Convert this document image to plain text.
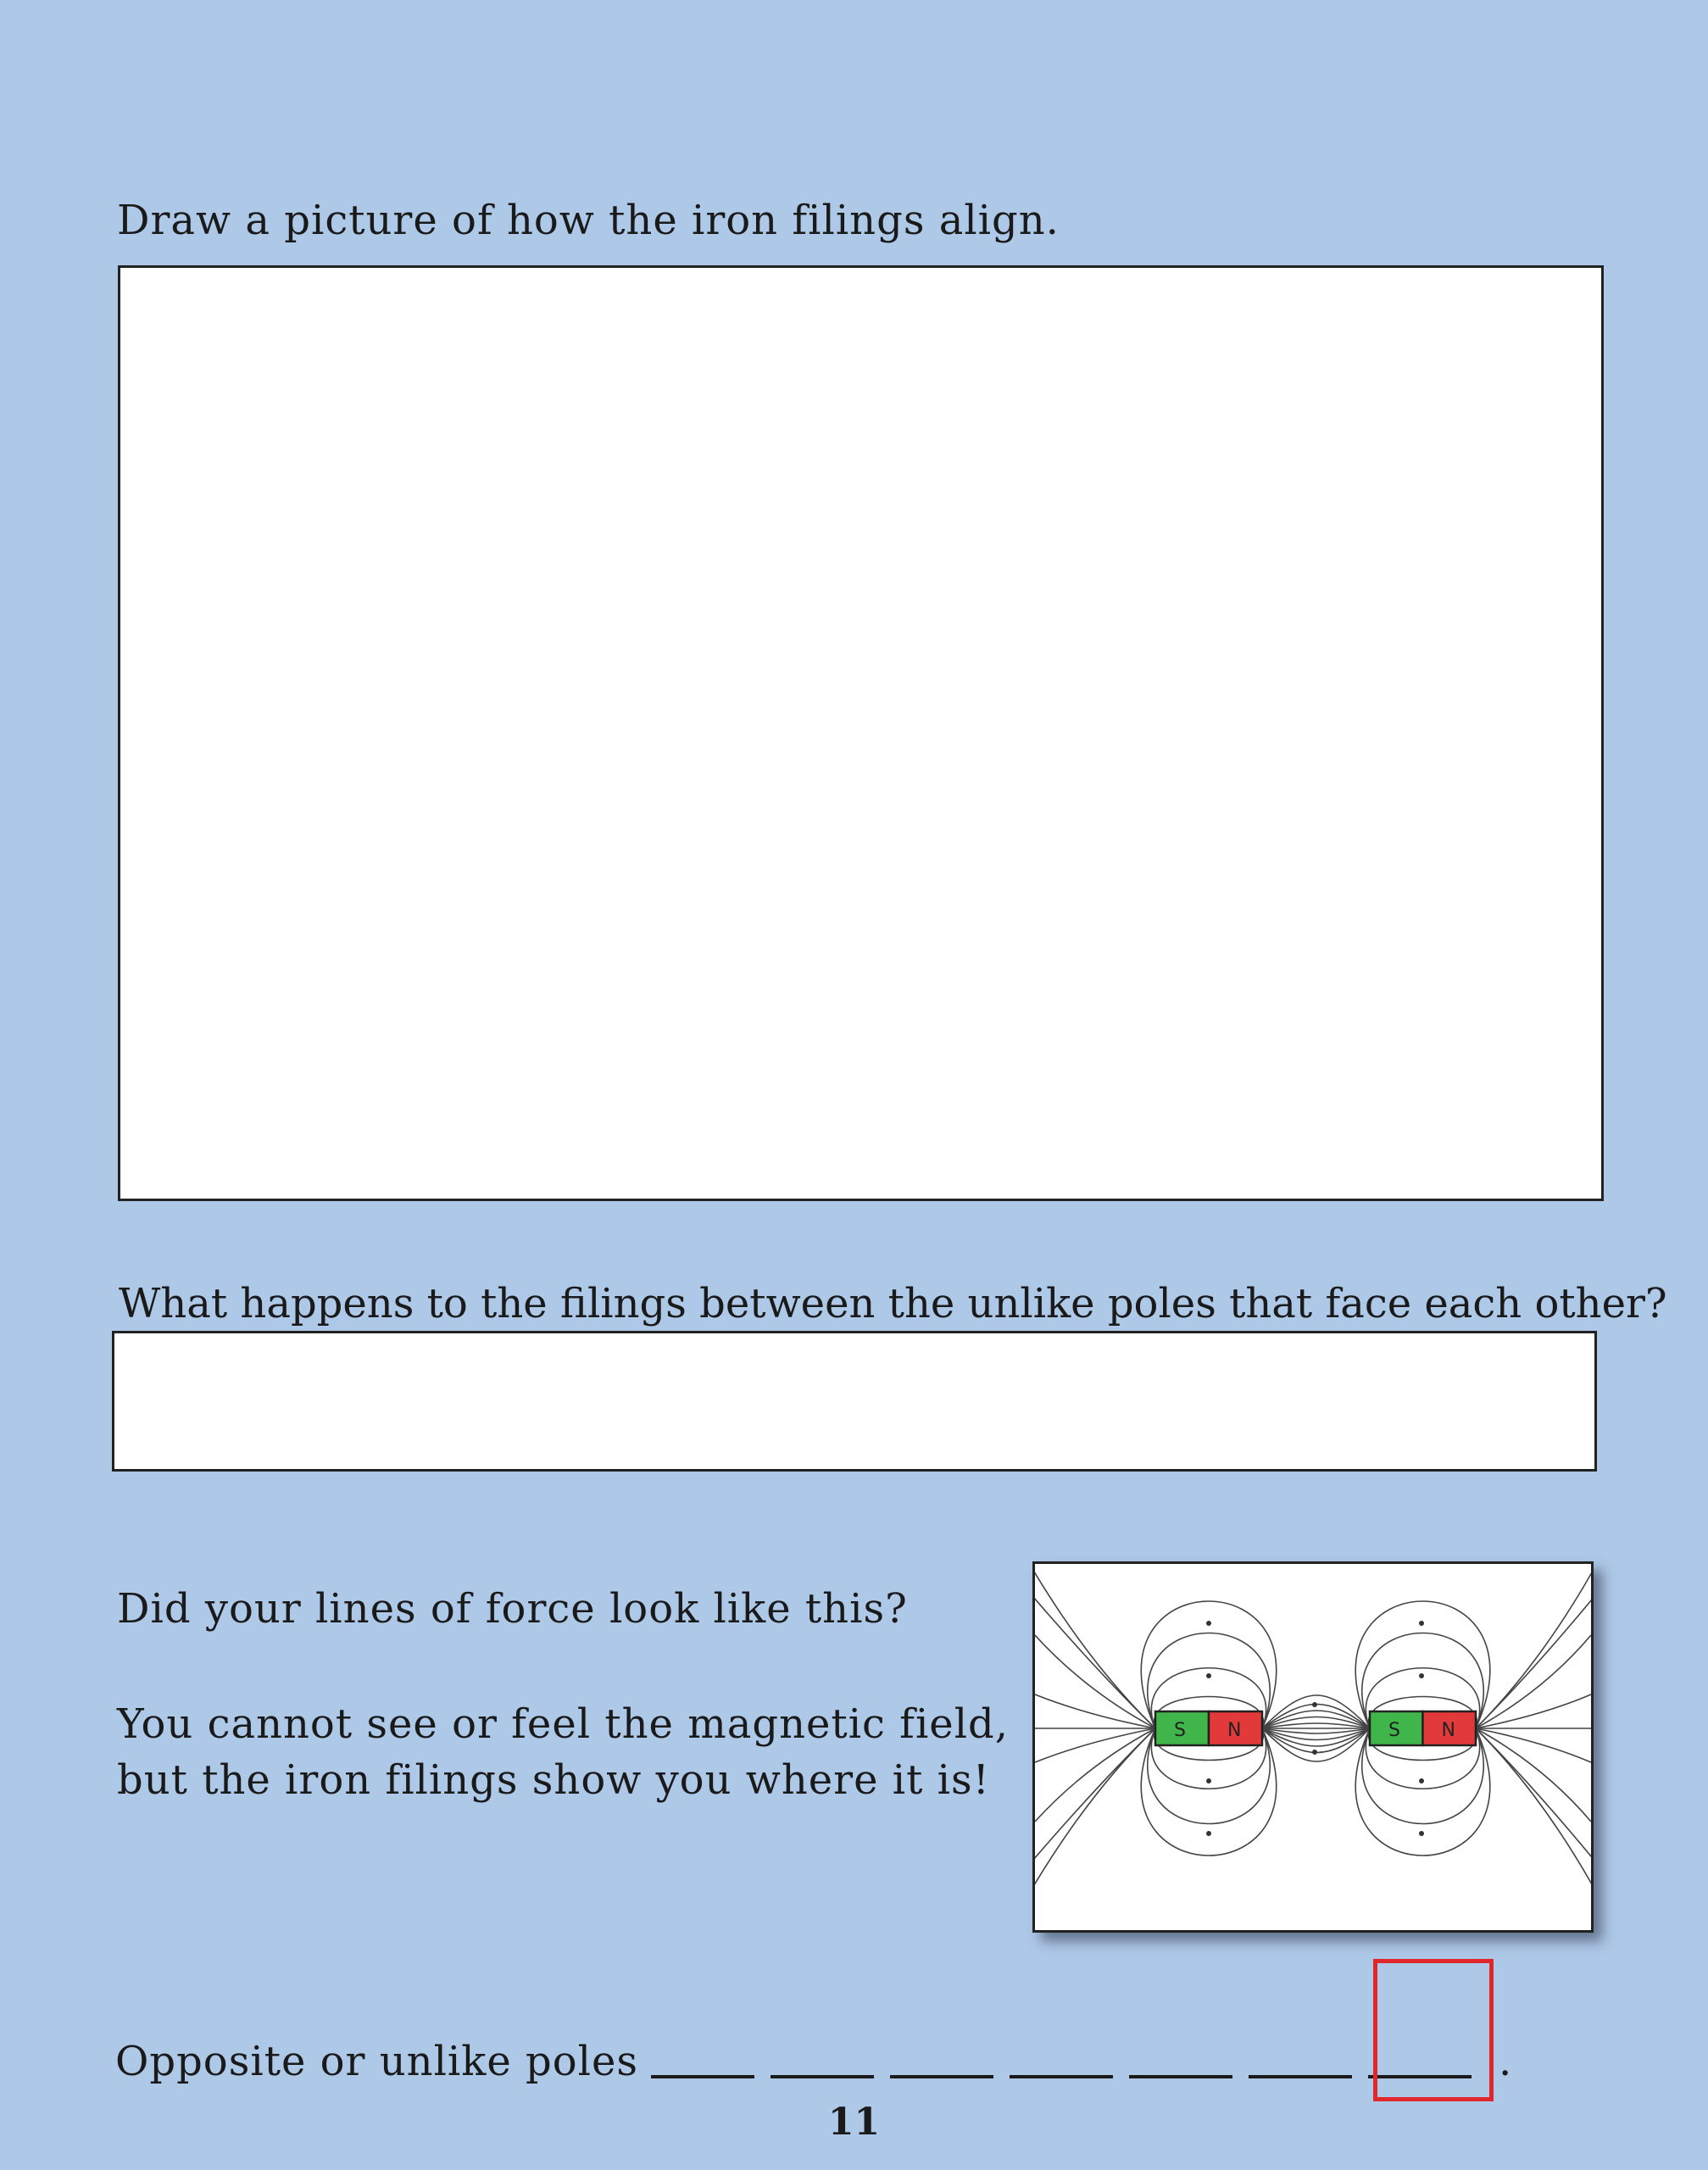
Draw a picture of how the iron filings align.
What happens to the filings between the unlike poles that face each other?
Did your lines of force look like this?
You cannot see or feel the magnetic field,
but the iron filings show you where it is!
S N	S N
Opposite or unlike poles	.
11
